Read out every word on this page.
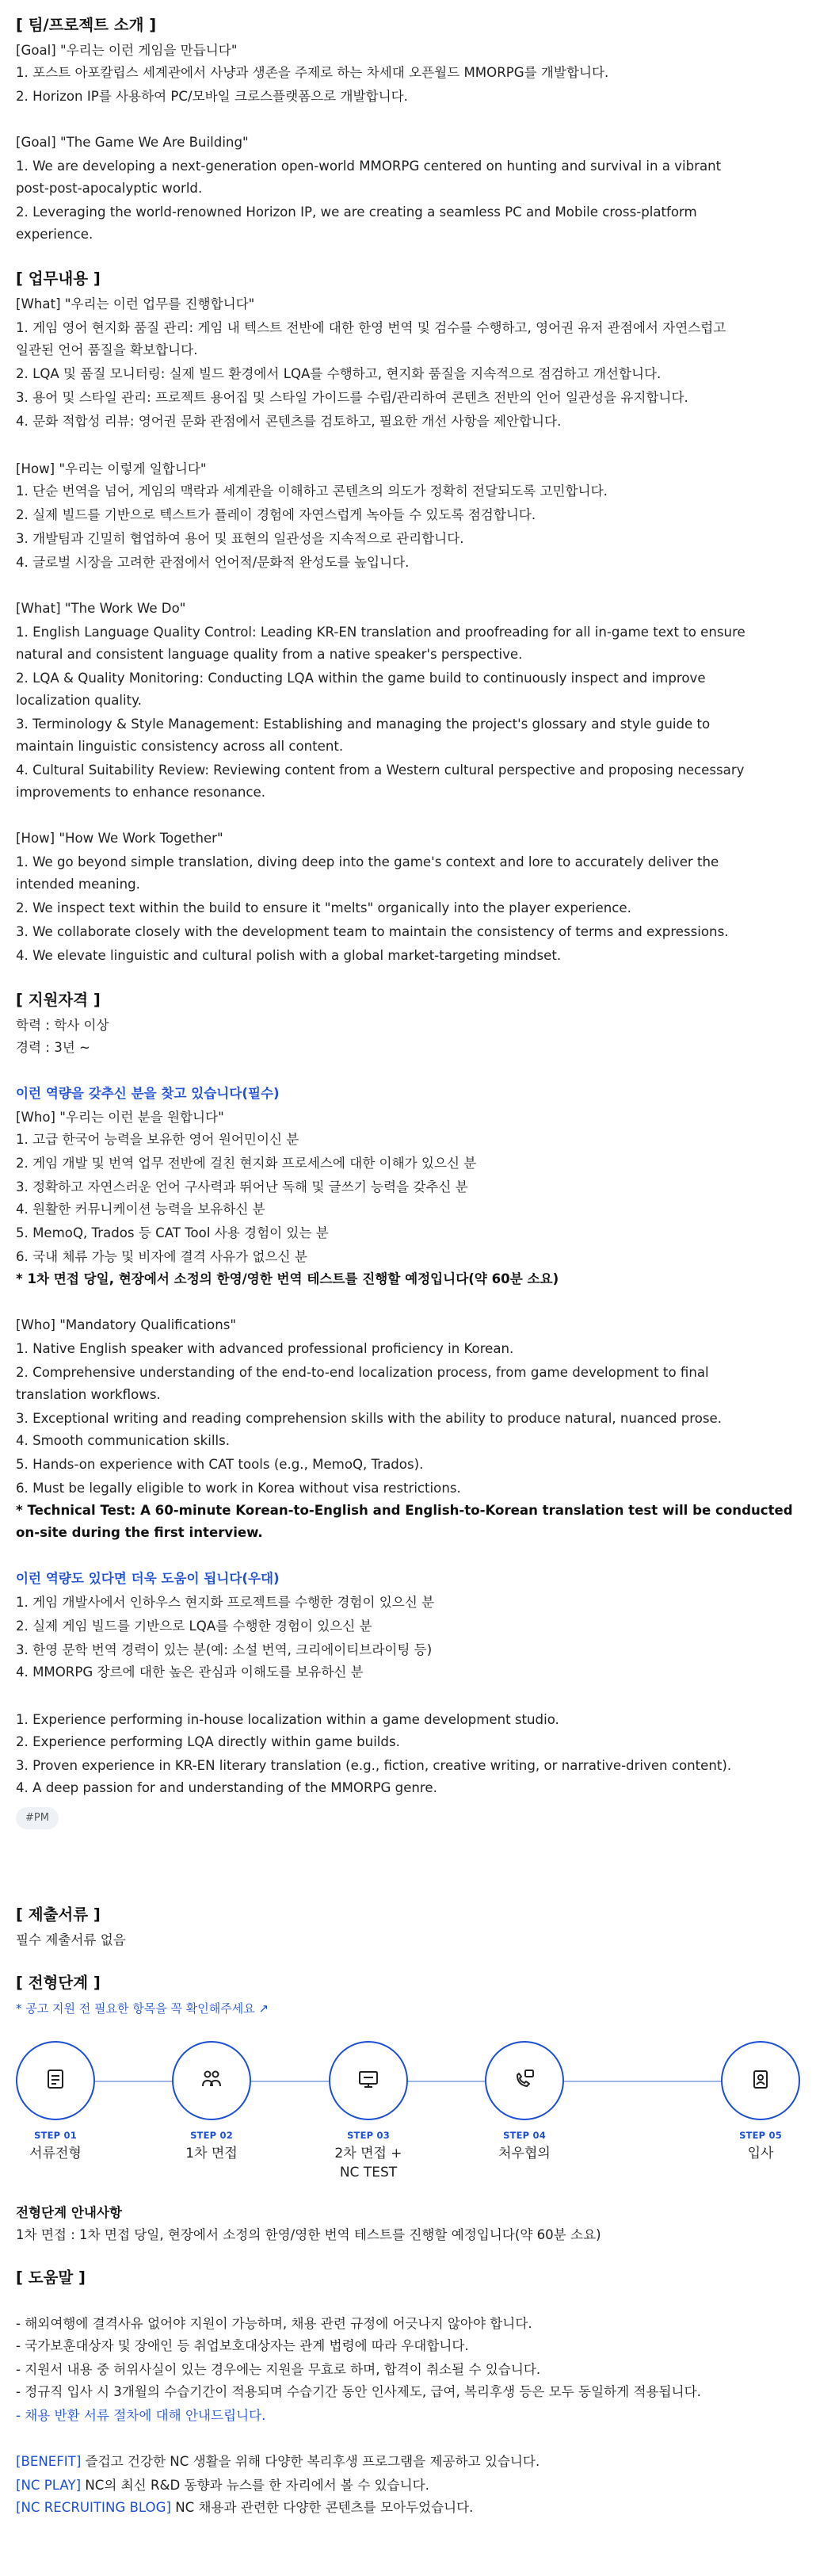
[ 팀/프로젝트 소개 ]
[Goal] "우리는 이런 게임을 만듭니다"
1. 포스트 아포칼립스 세계관에서 사냥과 생존을 주제로 하는 차세대 오픈월드 MMORPG를 개발합니다.
2. Horizon IP를 사용하여 PC/모바일 크로스플랫폼으로 개발합니다.
[Goal] "The Game We Are Building"
1. We are developing a next-generation open-world MMORPG centered on hunting and survival in a vibrant
post-post-apocalyptic world.
2. Leveraging the world-renowned Horizon IP, we are creating a seamless PC and Mobile cross-platform
experience.
[ 업무내용 ]
[What] "우리는 이런 업무를 진행합니다"
1. 게임 영어 현지화 품질 관리: 게임 내 텍스트 전반에 대한 한영 번역 및 검수를 수행하고, 영어권 유저 관점에서 자연스럽고
일관된 언어 품질을 확보합니다.
2. LQA 및 품질 모니터링: 실제 빌드 환경에서 LQA를 수행하고, 현지화 품질을 지속적으로 점검하고 개선합니다.
3. 용어 및 스타일 관리: 프로젝트 용어집 및 스타일 가이드를 수립/관리하여 콘텐츠 전반의 언어 일관성을 유지합니다.
4. 문화 적합성 리뷰: 영어권 문화 관점에서 콘텐츠를 검토하고, 필요한 개선 사항을 제안합니다.
[How] "우리는 이렇게 일합니다"
1. 단순 번역을 넘어, 게임의 맥락과 세계관을 이해하고 콘텐츠의 의도가 정확히 전달되도록 고민합니다.
2. 실제 빌드를 기반으로 텍스트가 플레이 경험에 자연스럽게 녹아들 수 있도록 점검합니다.
3. 개발팀과 긴밀히 협업하여 용어 및 표현의 일관성을 지속적으로 관리합니다.
4. 글로벌 시장을 고려한 관점에서 언어적/문화적 완성도를 높입니다.
[What] "The Work We Do"
1. English Language Quality Control: Leading KR-EN translation and proofreading for all in-game text to ensure
natural and consistent language quality from a native speaker's perspective.
2. LQA & Quality Monitoring: Conducting LQA within the game build to continuously inspect and improve
localization quality.
3. Terminology & Style Management: Establishing and managing the project's glossary and style guide to
maintain linguistic consistency across all content.
4. Cultural Suitability Review: Reviewing content from a Western cultural perspective and proposing necessary
improvements to enhance resonance.
[How] "How We Work Together"
1. We go beyond simple translation, diving deep into the game's context and lore to accurately deliver the
intended meaning.
2. We inspect text within the build to ensure it "melts" organically into the player experience.
3. We collaborate closely with the development team to maintain the consistency of terms and expressions.
4. We elevate linguistic and cultural polish with a global market-targeting mindset.
[ 지원자격 ]
학력 : 학사 이상
경력 : 3년 ~
이런 역량을 갖추신 분을 찾고 있습니다(필수)
[Who] "우리는 이런 분을 원합니다"
1. 고급 한국어 능력을 보유한 영어 원어민이신 분
2. 게임 개발 및 번역 업무 전반에 걸친 현지화 프로세스에 대한 이해가 있으신 분
3. 정확하고 자연스러운 언어 구사력과 뛰어난 독해 및 글쓰기 능력을 갖추신 분
4. 원활한 커뮤니케이션 능력을 보유하신 분
5. MemoQ, Trados 등 CAT Tool 사용 경험이 있는 분
6. 국내 체류 가능 및 비자에 결격 사유가 없으신 분
* 1차 면접 당일, 현장에서 소정의 한영/영한 번역 테스트를 진행할 예정입니다(약 60분 소요)
[Who] "Mandatory Qualifications"
1. Native English speaker with advanced professional proficiency in Korean.
2. Comprehensive understanding of the end-to-end localization process, from game development to final
translation workflows.
3. Exceptional writing and reading comprehension skills with the ability to produce natural, nuanced prose.
4. Smooth communication skills.
5. Hands-on experience with CAT tools (e.g., MemoQ, Trados).
6. Must be legally eligible to work in Korea without visa restrictions.
* Technical Test: A 60-minute Korean-to-English and English-to-Korean translation test will be conducted
on-site during the first interview.
이런 역량도 있다면 더욱 도움이 됩니다(우대)
1. 게임 개발사에서 인하우스 현지화 프로젝트를 수행한 경험이 있으신 분
2. 실제 게임 빌드를 기반으로 LQA를 수행한 경험이 있으신 분
3. 한영 문학 번역 경력이 있는 분(예: 소설 번역, 크리에이티브라이팅 등)
4. MMORPG 장르에 대한 높은 관심과 이해도를 보유하신 분
1. Experience performing in-house localization within a game development studio.
2. Experience performing LQA directly within game builds.
3. Proven experience in KR-EN literary translation (e.g., fiction, creative writing, or narrative-driven content).
4. A deep passion for and understanding of the MMORPG genre.
#PM
[ 제출서류 ]
필수 제출서류 없음
[ 전형단계 ]
* 공고 지원 전 필요한 항목을 꼭 확인해주세요 ↗
STEP 01
서류전형
STEP 02
1차 면접
STEP 03
2차 면접 +
NC TEST
STEP 04
처우협의
STEP 05
입사
전형단계 안내사항
1차 면접 : 1차 면접 당일, 현장에서 소정의 한영/영한 번역 테스트를 진행할 예정입니다(약 60분 소요)
[ 도움말 ]
- 해외여행에 결격사유 없어야 지원이 가능하며, 채용 관련 규정에 어긋나지 않아야 합니다.
- 국가보훈대상자 및 장애인 등 취업보호대상자는 관계 법령에 따라 우대합니다.
- 지원서 내용 중 허위사실이 있는 경우에는 지원을 무효로 하며, 합격이 취소될 수 있습니다.
- 정규직 입사 시 3개월의 수습기간이 적용되며 수습기간 동안 인사제도, 급여, 복리후생 등은 모두 동일하게 적용됩니다.
- 채용 반환 서류 절차에 대해 안내드립니다.
[BENEFIT] 즐겁고 건강한 NC 생활을 위해 다양한 복리후생 프로그램을 제공하고 있습니다.
[NC PLAY] NC의 최신 R&D 동향과 뉴스를 한 자리에서 볼 수 있습니다.
[NC RECRUITING BLOG] NC 채용과 관련한 다양한 콘텐츠를 모아두었습니다.
